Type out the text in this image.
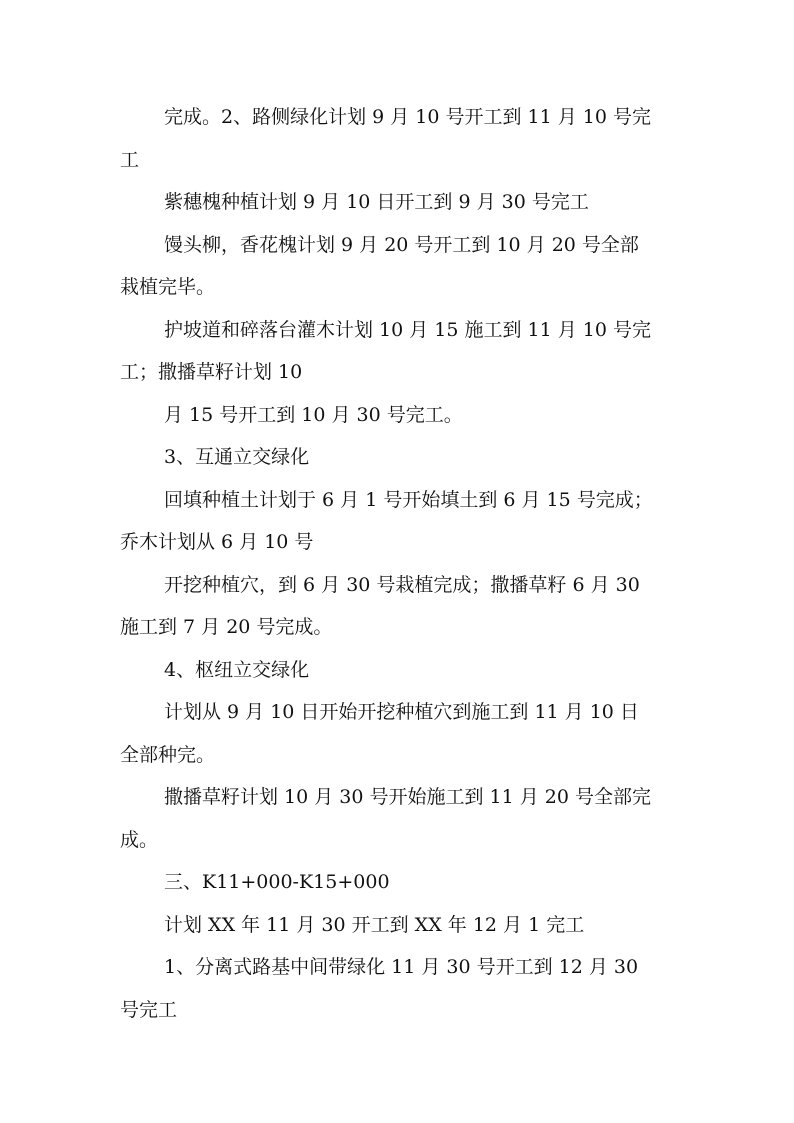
完成。2、路侧绿化计划 9 月 10 号开工到 11 月 10 号完
工

紫穗槐种植计划 9 月 10 日开工到 9 月 30 号完工

馒头柳，香花槐计划 9 月 20 号开工到 10 月 20 号全部
栽植完毕。

护坡道和碎落台灌木计划 10 月 15 施工到 11 月 10 号完
工；撒播草籽计划 10

月 15 号开工到 10 月 30 号完工。

3、互通立交绿化

回填种植土计划于 6 月 1 号开始填土到 6 月 15 号完成；
乔木计划从 6 月 10 号

开挖种植穴，到 6 月 30 号栽植完成；撒播草籽 6 月 30
施工到 7 月 20 号完成。

4、枢纽立交绿化

计划从 9 月 10 日开始开挖种植穴到施工到 11 月 10 日
全部种完。

撒播草籽计划 10 月 30 号开始施工到 11 月 20 号全部完
成。

三、K11+000-K15+000

计划 XX 年 11 月 30 开工到 XX 年 12 月 1 完工

1、分离式路基中间带绿化 11 月 30 号开工到 12 月 30
号完工
